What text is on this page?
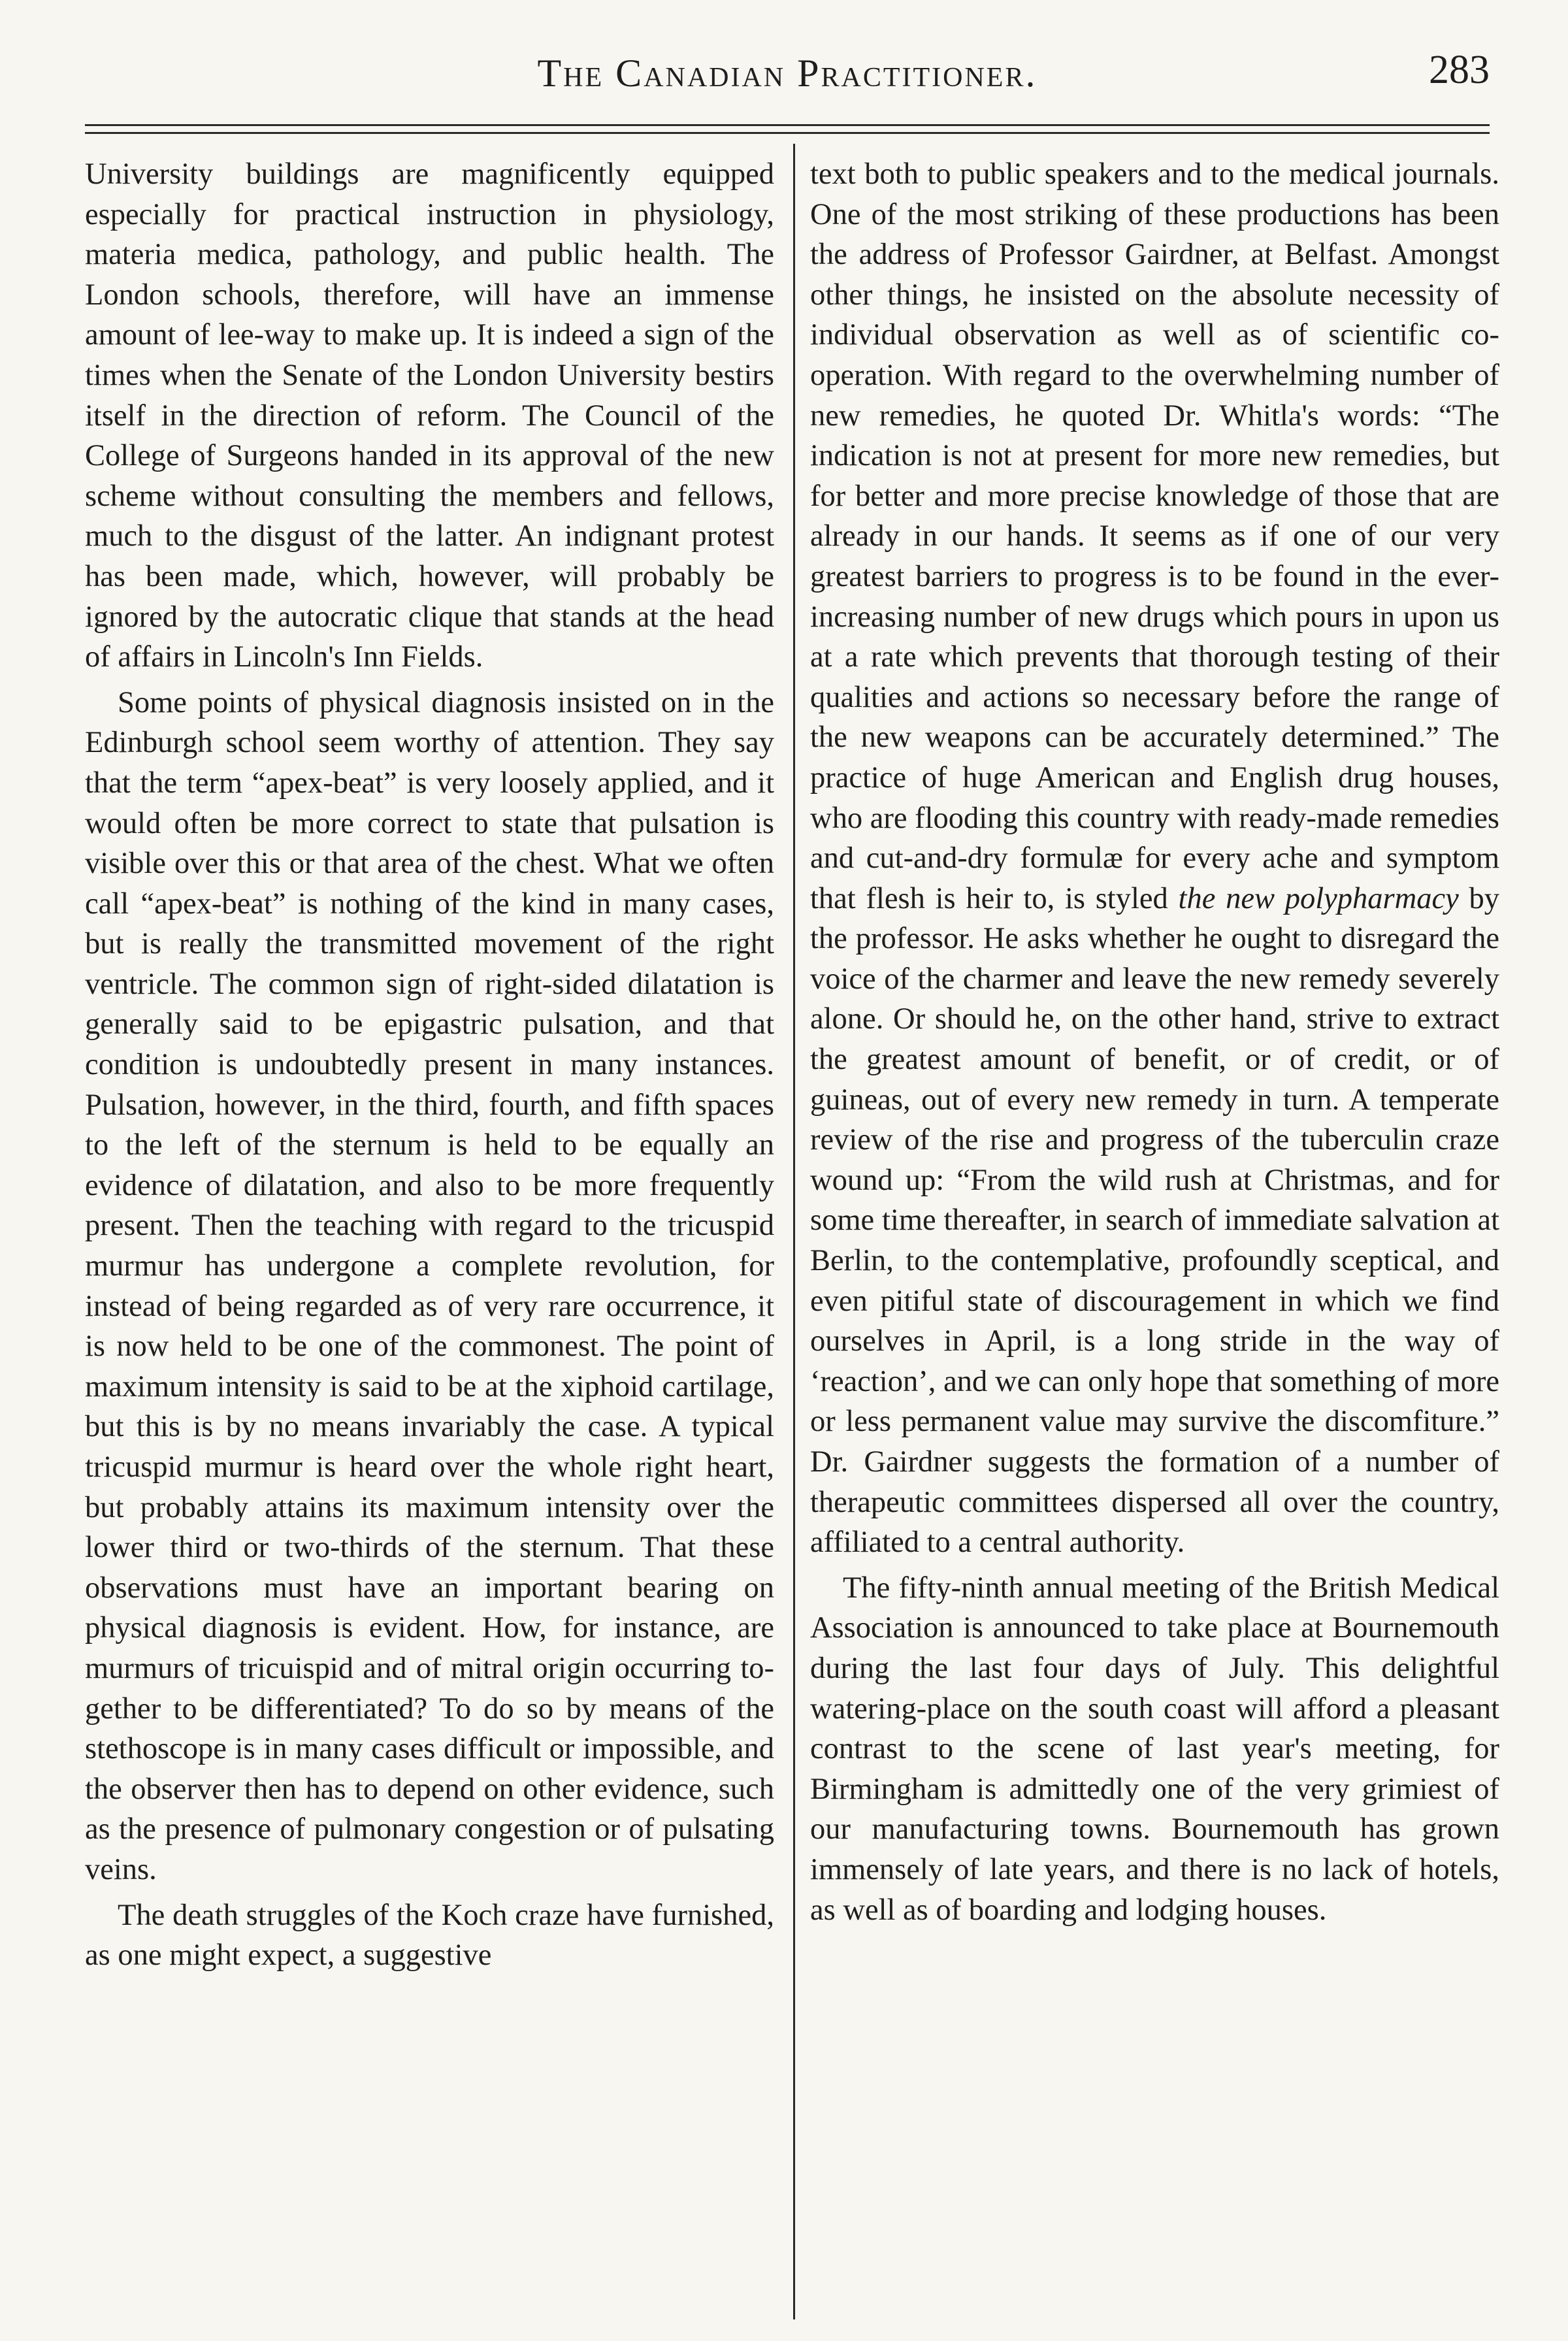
The Canadian Practitioner.	283

University buildings are magnificently equipped especially for practical instruction in physiology, materia medica, pathology, and public health. The London schools, therefore, will have an immense amount of lee-way to make up. It is indeed a sign of the times when the Senate of the London University bestirs itself in the direction of reform. The Council of the College of Surgeons handed in its approval of the new scheme without consulting the members and fellows, much to the disgust of the latter. An indignant protest has been made, which, however, will probably be ignored by the autocratic clique that stands at the head of affairs in Lincoln's Inn Fields.

Some points of physical diagnosis insisted on in the Edinburgh school seem worthy of attention. They say that the term “apex-beat” is very loosely applied, and it would often be more correct to state that pulsation is visible over this or that area of the chest. What we often call “apex-beat” is nothing of the kind in many cases, but is really the transmitted movement of the right ventricle. The common sign of right-sided dilatation is generally said to be epigastric pulsation, and that condition is undoubtedly present in many instances. Pulsation, however, in the third, fourth, and fifth spaces to the left of the sternum is held to be equally an evidence of dilatation, and also to be more frequently present. Then the teaching with regard to the tricuspid murmur has undergone a complete revolution, for instead of being regarded as of very rare occurrence, it is now held to be one of the commonest. The point of maximum intensity is said to be at the xiphoid cartilage, but this is by no means invariably the case. A typical tricuspid murmur is heard over the whole right heart, but probably attains its maximum intensity over the lower third or two-thirds of the sternum. That these observations must have an important bearing on physical diagnosis is evident. How, for instance, are murmurs of tricuispid and of mitral origin occurring together to be differentiated? To do so by means of the stethoscope is in many cases difficult or impossible, and the observer then has to depend on other evidence, such as the presence of pulmonary congestion or of pulsating veins.

The death struggles of the Koch craze have furnished, as one might expect, a suggestive

text both to public speakers and to the medical journals. One of the most striking of these productions has been the address of Professor Gairdner, at Belfast. Amongst other things, he insisted on the absolute necessity of individual observation as well as of scientific co-operation. With regard to the overwhelming number of new remedies, he quoted Dr. Whitla's words: “The indication is not at present for more new remedies, but for better and more precise knowledge of those that are already in our hands. It seems as if one of our very greatest barriers to progress is to be found in the ever-increasing number of new drugs which pours in upon us at a rate which prevents that thorough testing of their qualities and actions so necessary before the range of the new weapons can be accurately determined.” The practice of huge American and English drug houses, who are flooding this country with ready-made remedies and cut-and-dry formulæ for every ache and symptom that flesh is heir to, is styled the new polypharmacy by the professor. He asks whether he ought to disregard the voice of the charmer and leave the new remedy severely alone. Or should he, on the other hand, strive to extract the greatest amount of benefit, or of credit, or of guineas, out of every new remedy in turn. A temperate review of the rise and progress of the tuberculin craze wound up: “From the wild rush at Christmas, and for some time thereafter, in search of immediate salvation at Berlin, to the contemplative, profoundly sceptical, and even pitiful state of discouragement in which we find ourselves in April, is a long stride in the way of ‘reaction’, and we can only hope that something of more or less permanent value may survive the discomfiture.” Dr. Gairdner suggests the formation of a number of therapeutic committees dispersed all over the country, affiliated to a central authority.

The fifty-ninth annual meeting of the British Medical Association is announced to take place at Bournemouth during the last four days of July. This delightful watering-place on the south coast will afford a pleasant contrast to the scene of last year's meeting, for Birmingham is admittedly one of the very grimiest of our manufacturing towns. Bournemouth has grown immensely of late years, and there is no lack of hotels, as well as of boarding and lodging houses.
